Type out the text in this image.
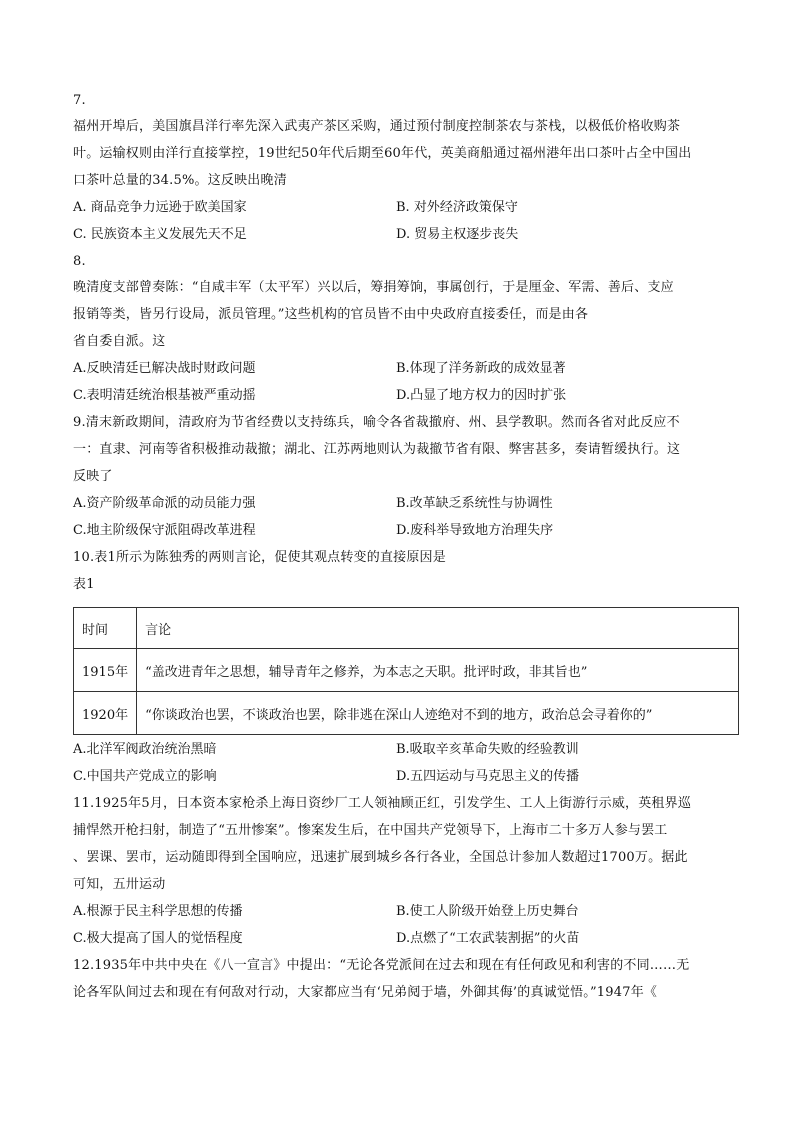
7.
福州开埠后，美国旗昌洋行率先深入武夷产茶区采购，通过预付制度控制茶农与茶栈，以极低价格收购茶
叶。运输权则由洋行直接掌控，19世纪50年代后期至60年代，英美商船通过福州港年出口茶叶占全中国出
口茶叶总量的34.5%。这反映出晚清
A. 商品竞争力远逊于欧美国家	B. 对外经济政策保守
C. 民族资本主义发展先天不足	D. 贸易主权逐步丧失
8.
晚清度支部曾奏陈：“自咸丰军（太平军）兴以后，筹捐筹饷，事属创行，于是厘金、军需、善后、支应
报销等类，皆另行设局，派员管理。”这些机构的官员皆不由中央政府直接委任，而是由各
省自委自派。这
A.反映清廷已解决战时财政问题	B.体现了洋务新政的成效显著
C.表明清廷统治根基被严重动摇	D.凸显了地方权力的因时扩张
9.清末新政期间，清政府为节省经费以支持练兵，喻令各省裁撤府、州、县学教职。然而各省对此反应不
一：直隶、河南等省积极推动裁撤；湖北、江苏两地则认为裁撤节省有限、弊害甚多，奏请暂缓执行。这
反映了
A.资产阶级革命派的动员能力强	B.改革缺乏系统性与协调性
C.地主阶级保守派阻碍改革进程	D.废科举导致地方治理失序
10.表1所示为陈独秀的两则言论，促使其观点转变的直接原因是
表1
时间	言论
1915年	“盖改进青年之思想，辅导青年之修养，为本志之天职。批评时政，非其旨也”
1920年	“你谈政治也罢，不谈政治也罢，除非逃在深山人迹绝对不到的地方，政治总会寻着你的”
A.北洋军阀政治统治黑暗	B.吸取辛亥革命失败的经验教训
C.中国共产党成立的影响	D.五四运动与马克思主义的传播
11.1925年5月，日本资本家枪杀上海日资纱厂工人领袖顾正红，引发学生、工人上街游行示威，英租界巡
捕悍然开枪扫射，制造了“五卅惨案”。惨案发生后，在中国共产党领导下，上海市二十多万人参与罢工
、罢课、罢市，运动随即得到全国响应，迅速扩展到城乡各行各业，全国总计参加人数超过1700万。据此
可知，五卅运动
A.根源于民主科学思想的传播	B.使工人阶级开始登上历史舞台
C.极大提高了国人的觉悟程度	D.点燃了“工农武装割据”的火苗
12.1935年中共中央在《八一宣言》中提出：“无论各党派间在过去和现在有任何政见和利害的不同……无
论各军队间过去和现在有何敌对行动，大家都应当有‘兄弟阋于墙，外御其侮’的真诚觉悟。”1947年《
